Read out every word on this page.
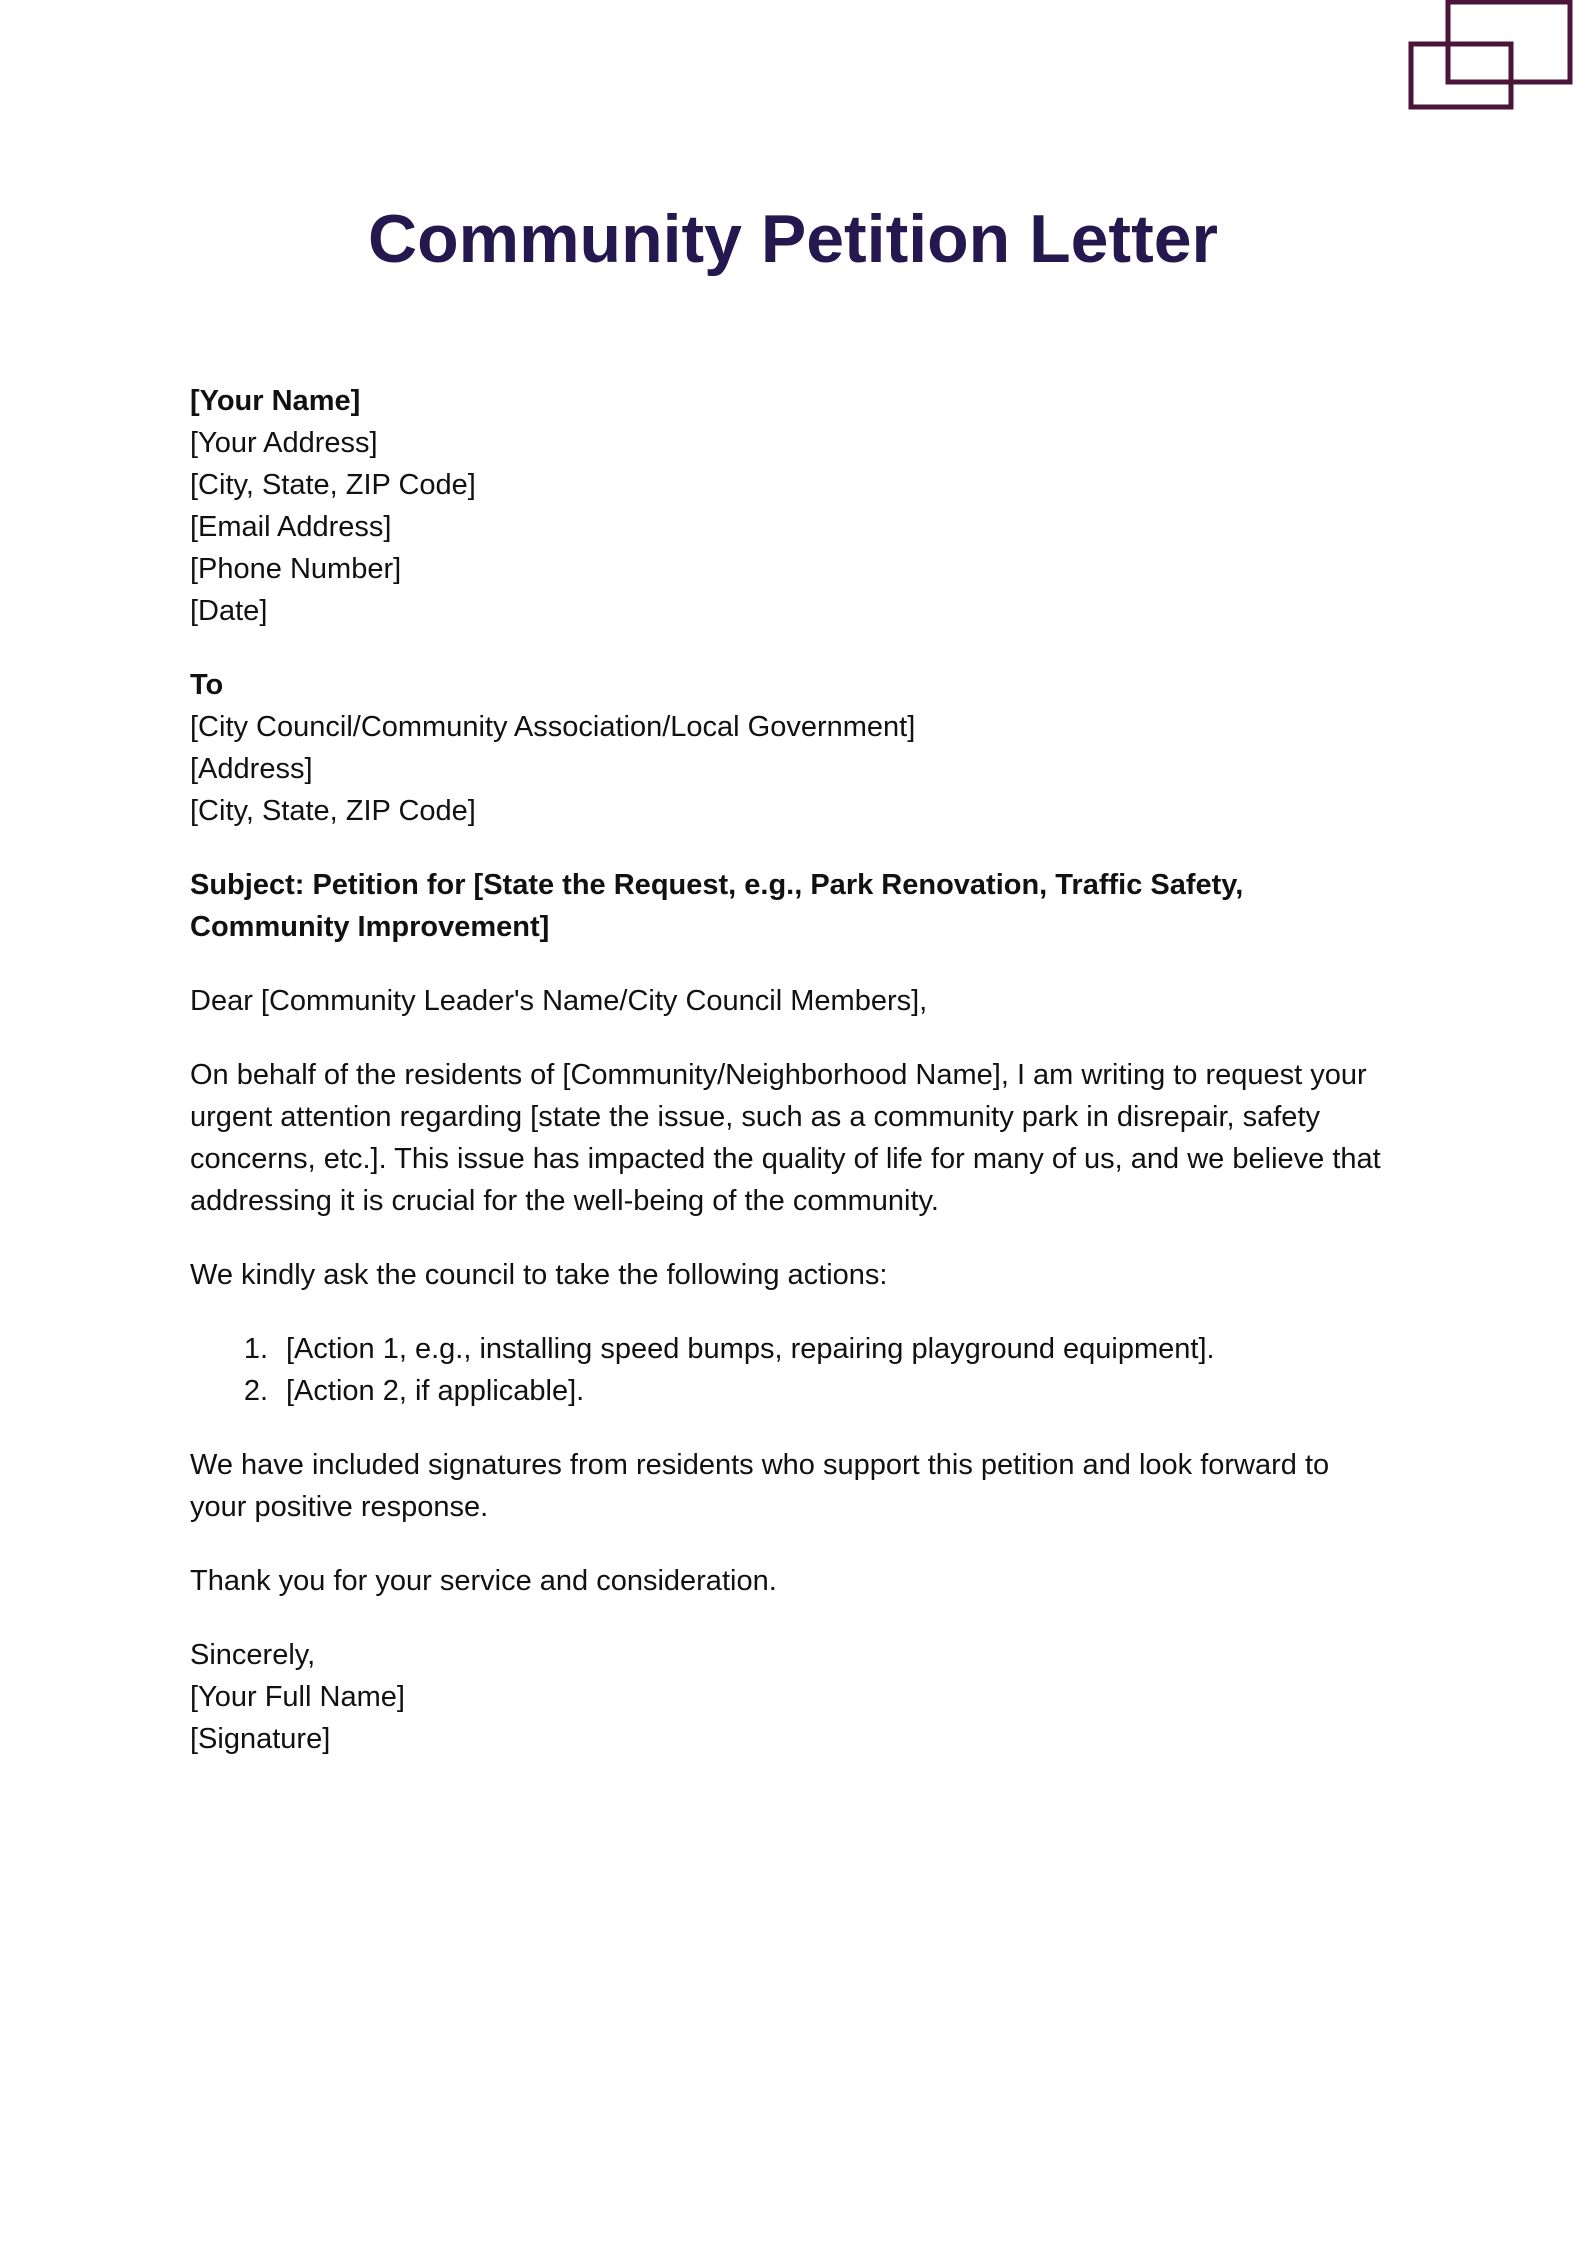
Community Petition Letter
[Your Name]
[Your Address]
[City, State, ZIP Code]
[Email Address]
[Phone Number]
[Date]
To
[City Council/Community Association/Local Government]
[Address]
[City, State, ZIP Code]

Subject: Petition for [State the Request, e.g., Park Renovation, Traffic Safety, Community Improvement]

Dear [Community Leader's Name/City Council Members],

On behalf of the residents of [Community/Neighborhood Name], I am writing to request your urgent attention regarding [state the issue, such as a community park in disrepair, safety concerns, etc.]. This issue has impacted the quality of life for many of us, and we believe that addressing it is crucial for the well-being of the community.

We kindly ask the council to take the following actions:

1. [Action 1, e.g., installing speed bumps, repairing playground equipment].
2. [Action 2, if applicable].

We have included signatures from residents who support this petition and look forward to your positive response.

Thank you for your service and consideration.

Sincerely,
[Your Full Name]
[Signature]
